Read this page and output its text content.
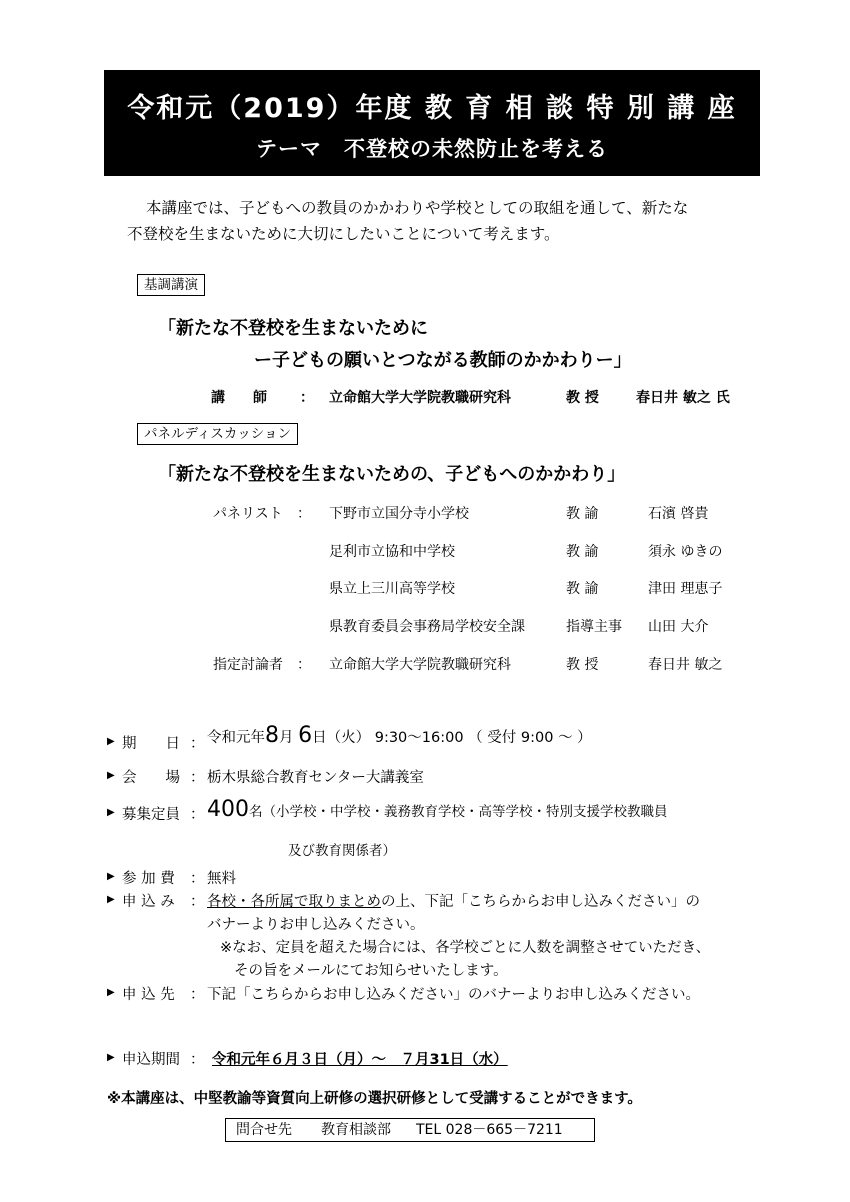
令和元（2019）年度 教 育 相 談 特 別 講 座
テーマ　不登校の未然防止を考える
本講座では、子どもへの教員のかかわりや学校としての取組を通して、新たな
不登校を生まないために大切にしたいことについて考えます。
基調講演
「新たな不登校を生まないために
ー子どもの願いとつながる教師のかかわりー」
講　　師 ： 立命館大学大学院教職研究科	教 授	春日井 敏之 氏
パネルディスカッション
「新たな不登校を生まないための、子どもへのかかわり」
パネリスト ： 下野市立国分寺小学校	教 諭	石濱 啓貴
足利市立協和中学校	教 諭	須永 ゆきの
県立上三川高等学校	教 諭	津田 理恵子
県教育委員会事務局学校安全課	指導主事 山田 大介
指定討論者 ： 立命館大学大学院教職研究科	教 授	春日井 敏之
▶ 期　　日 ： 令和元年8月 6日（火） 9:30～16:00 （ 受付 9:00 ～ ）
▶ 会　　場 ： 栃木県総合教育センター大講義室
▶ 募集定員 ： 400名（小学校・中学校・義務教育学校・高等学校・特別支援学校教職員
及び教育関係者）
▶ 参 加 費 ： 無料
▶ 申 込 み ： 各校・各所属で取りまとめの上、下記「こちらからお申し込みください」の
バナーよりお申し込みください。
※なお、定員を超えた場合には、各学校ごとに人数を調整させていただき、
その旨をメールにてお知らせいたします。
▶ 申 込 先 ： 下記「こちらからお申し込みください」のバナーよりお申し込みください。
▶ 申込期間 ： 令和元年６月３日（月）～　７月31日（水）
※本講座は、中堅教諭等資質向上研修の選択研修として受講することができます。
問合せ先 教育相談部 TEL 028－665－7211
